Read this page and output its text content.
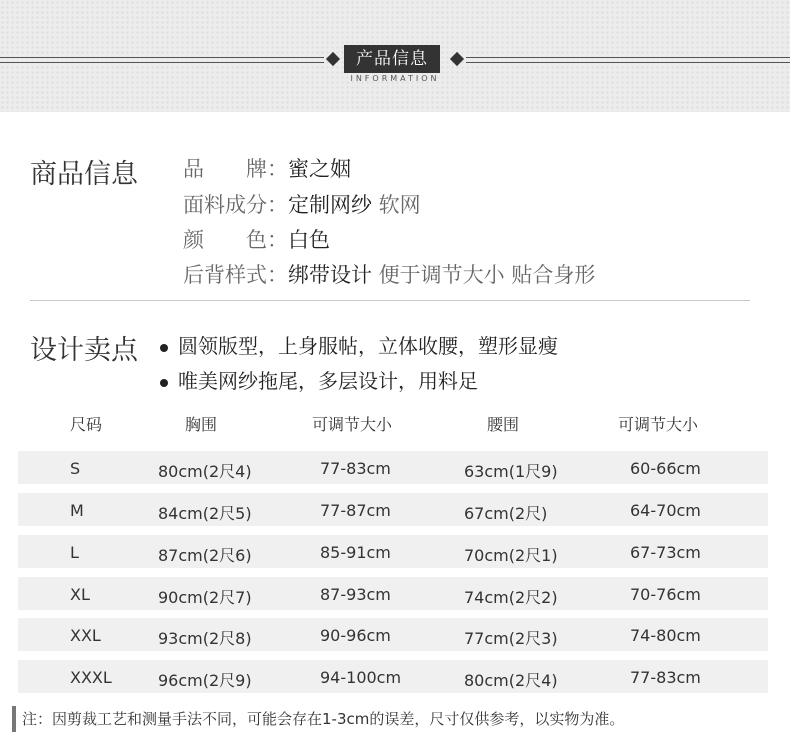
产品信息
INFORMATION
商品信息 品　　牌：蜜之姻
面料成分：定制网纱 软网
颜　　色：白色
后背样式：绑带设计 便于调节大小 贴合身形
设计卖点	圆领版型，上身服帖，立体收腰，塑形显瘦
唯美网纱拖尾，多层设计，用料足
尺码	胸围	可调节大小	腰围	可调节大小
S	80cm(2尺4)	77-83cm	63cm(1尺9)	60-66cm
M	84cm(2尺5)	77-87cm	67cm(2尺)	64-70cm
L	87cm(2尺6)	85-91cm	70cm(2尺1)	67-73cm
XL	90cm(2尺7)	87-93cm	74cm(2尺2)	70-76cm
XXL	93cm(2尺8)	90-96cm	77cm(2尺3)	74-80cm
XXXL	96cm(2尺9)	94-100cm	80cm(2尺4)	77-83cm
注：因剪裁工艺和测量手法不同，可能会存在1-3cm的误差，尺寸仅供参考，以实物为准。
